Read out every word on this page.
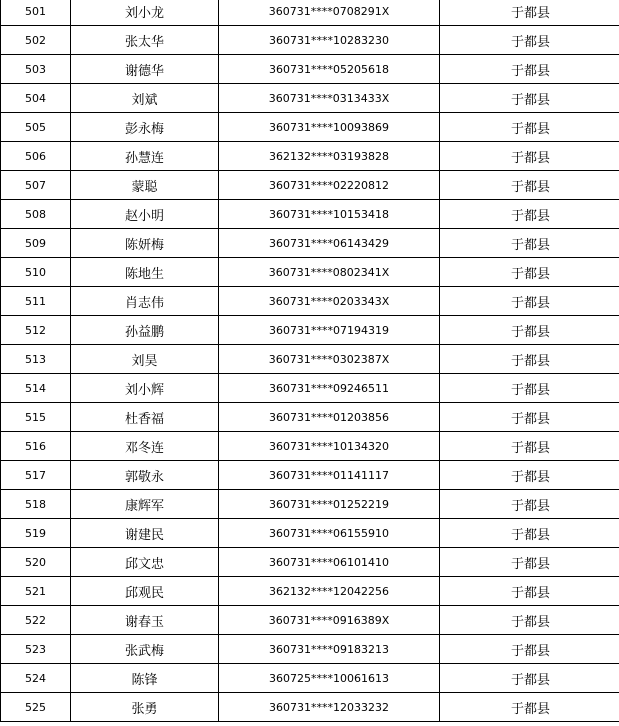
501	刘小龙	360731****0708291X	于都县
502	张太华	360731****10283230	于都县
503	谢德华	360731****05205618	于都县
504	刘斌	360731****0313433X	于都县
505	彭永梅	360731****10093869	于都县
506	孙慧连	362132****03193828	于都县
507	蒙聪	360731****02220812	于都县
508	赵小明	360731****10153418	于都县
509	陈妍梅	360731****06143429	于都县
510	陈地生	360731****0802341X	于都县
511	肖志伟	360731****0203343X	于都县
512	孙益鹏	360731****07194319	于都县
513	刘昊	360731****0302387X	于都县
514	刘小辉	360731****09246511	于都县
515	杜香福	360731****01203856	于都县
516	邓冬连	360731****10134320	于都县
517	郭敬永	360731****01141117	于都县
518	康辉军	360731****01252219	于都县
519	谢建民	360731****06155910	于都县
520	邱文忠	360731****06101410	于都县
521	邱观民	362132****12042256	于都县
522	谢春玉	360731****0916389X	于都县
523	张武梅	360731****09183213	于都县
524	陈锋	360725****10061613	于都县
525	张勇	360731****12033232	于都县
